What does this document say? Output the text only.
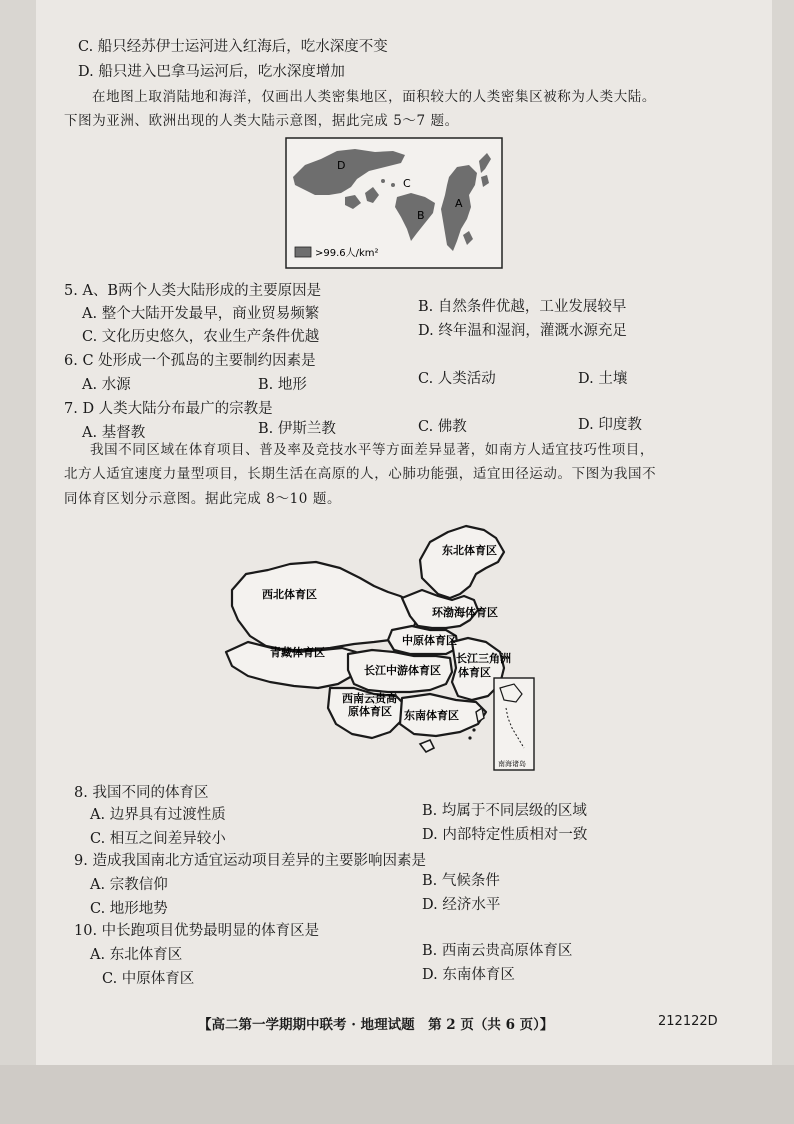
C. 船只经苏伊士运河进入红海后，吃水深度不变
D. 船只进入巴拿马运河后，吃水深度增加
在地图上取消陆地和海洋，仅画出人类密集地区，面积较大的人类密集区被称为人类大陆。
下图为亚洲、欧洲出现的人类大陆示意图，据此完成 5～7 题。
D
C
B
A
>99.6人/km²
5. A、B两个人类大陆形成的主要原因是
A. 整个大陆开发最早，商业贸易频繁	B. 自然条件优越，工业发展较早
C. 文化历史悠久，农业生产条件优越	D. 终年温和湿润，灌溉水源充足
6. C 处形成一个孤岛的主要制约因素是
A. 水源	B. 地形	C. 人类活动	D. 土壤
7. D 人类大陆分布最广的宗教是
A. 基督教	B. 伊斯兰教	C. 佛教	D. 印度教
我国不同区域在体育项目、普及率及竞技水平等方面差异显著，如南方人适宜技巧性项目，
北方人适宜速度力量型项目，长期生活在高原的人，心肺功能强，适宜田径运动。下图为我国不
同体育区划分示意图。据此完成 8～10 题。
东北体育区
西北体育区
环渤海体育区
中原体育区
青藏体育区
长江中游体育区
长江三角洲
体育区
西南云贵高
原体育区 东南体育区
南海诸岛
8. 我国不同的体育区
A. 边界具有过渡性质	B. 均属于不同层级的区域
C. 相互之间差异较小	D. 内部特定性质相对一致
9. 造成我国南北方适宜运动项目差异的主要影响因素是
A. 宗教信仰	B. 气候条件
C. 地形地势	D. 经济水平
10. 中长跑项目优势最明显的体育区是
A. 东北体育区	B. 西南云贵高原体育区
C. 中原体育区	D. 东南体育区
【高二第一学期期中联考 · 地理试题　第 2 页（共 6 页）】	212122D
